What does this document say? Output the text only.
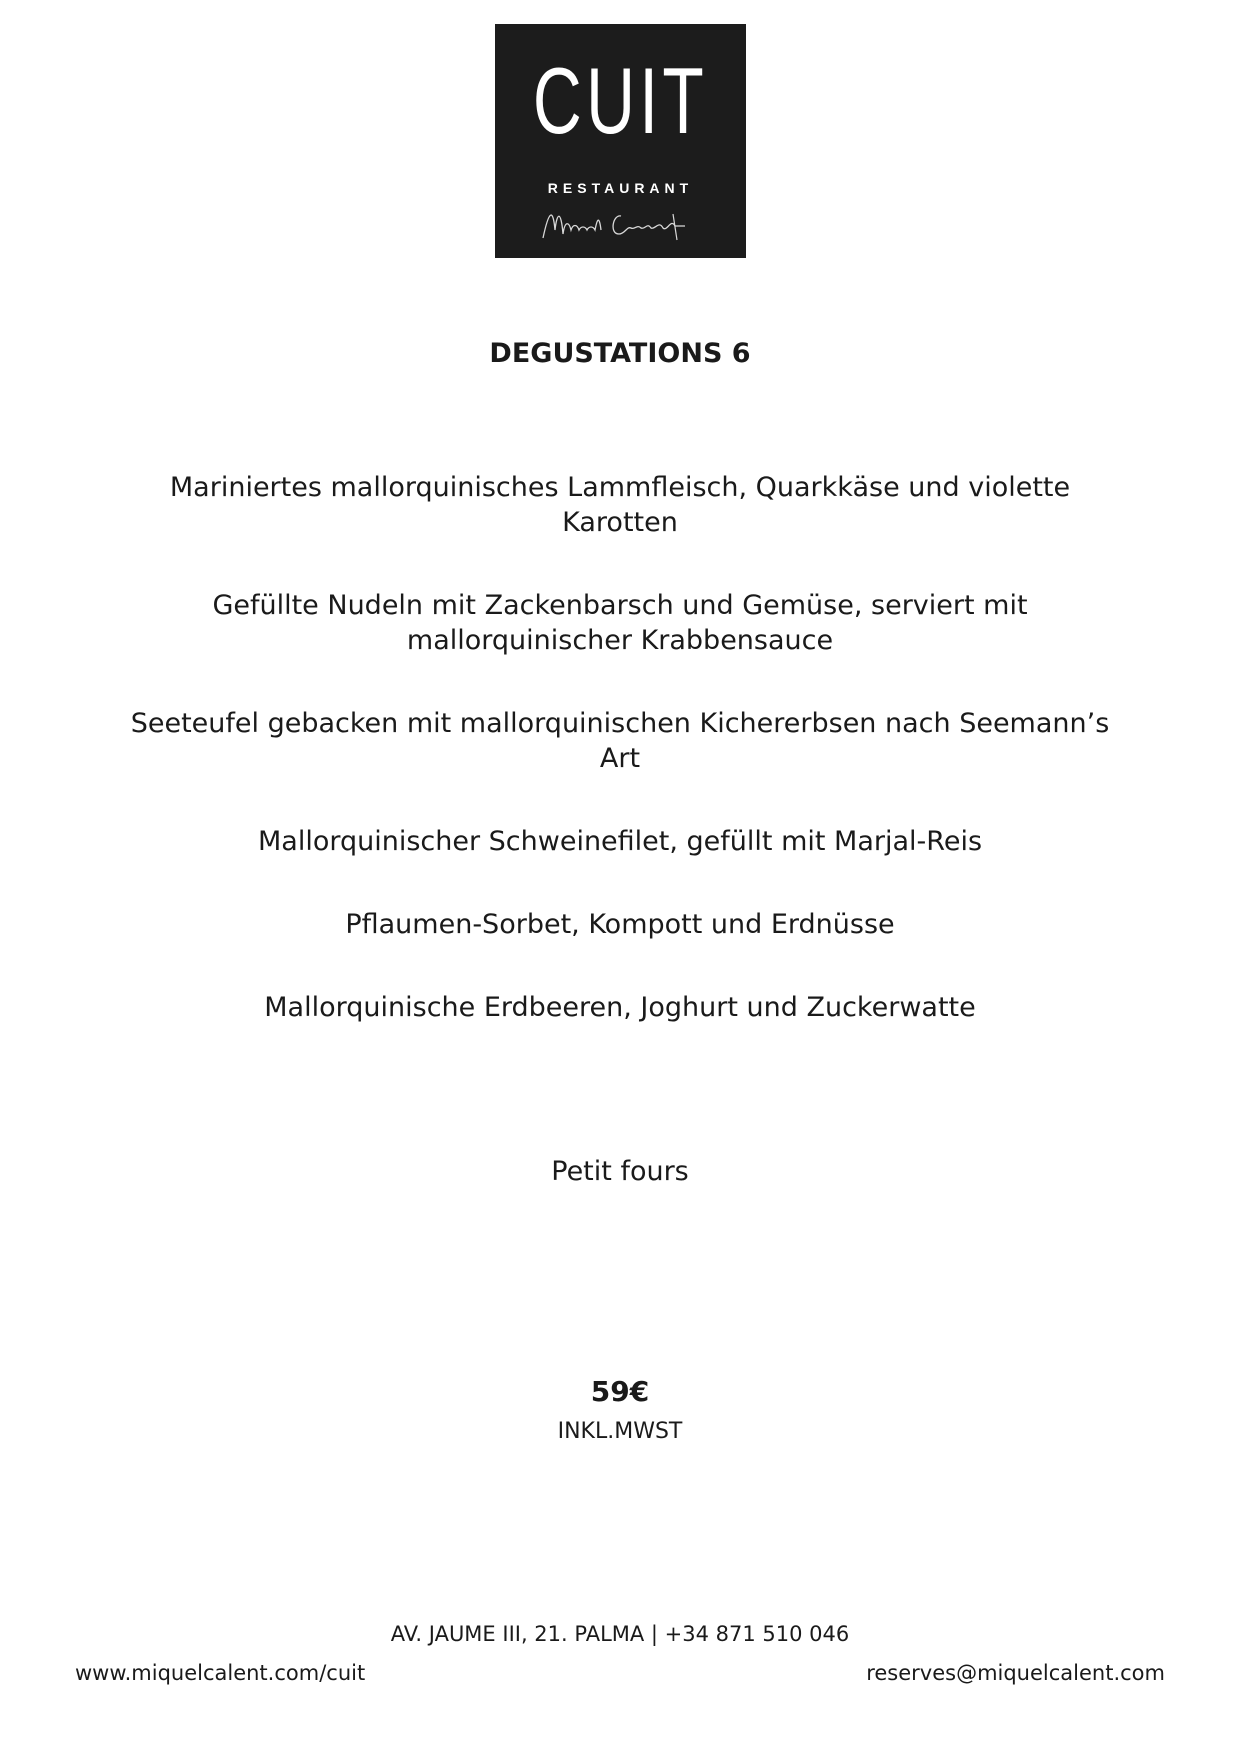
CUIT
RESTAURANT
DEGUSTATIONS 6
Mariniertes mallorquinisches Lammfleisch, Quarkkäse und violette Karotten
Gefüllte Nudeln mit Zackenbarsch und Gemüse, serviert mit mallorquinischer Krabbensauce
Seeteufel gebacken mit mallorquinischen Kichererbsen nach Seemann’s Art
Mallorquinischer Schweinefilet, gefüllt mit Marjal-Reis
Pflaumen-Sorbet, Kompott und Erdnüsse
Mallorquinische Erdbeeren, Joghurt und Zuckerwatte
Petit fours
59€
INKL.MWST
AV. JAUME III, 21. PALMA | +34 871 510 046
www.miquelcalent.com/cuit	reserves@miquelcalent.com
